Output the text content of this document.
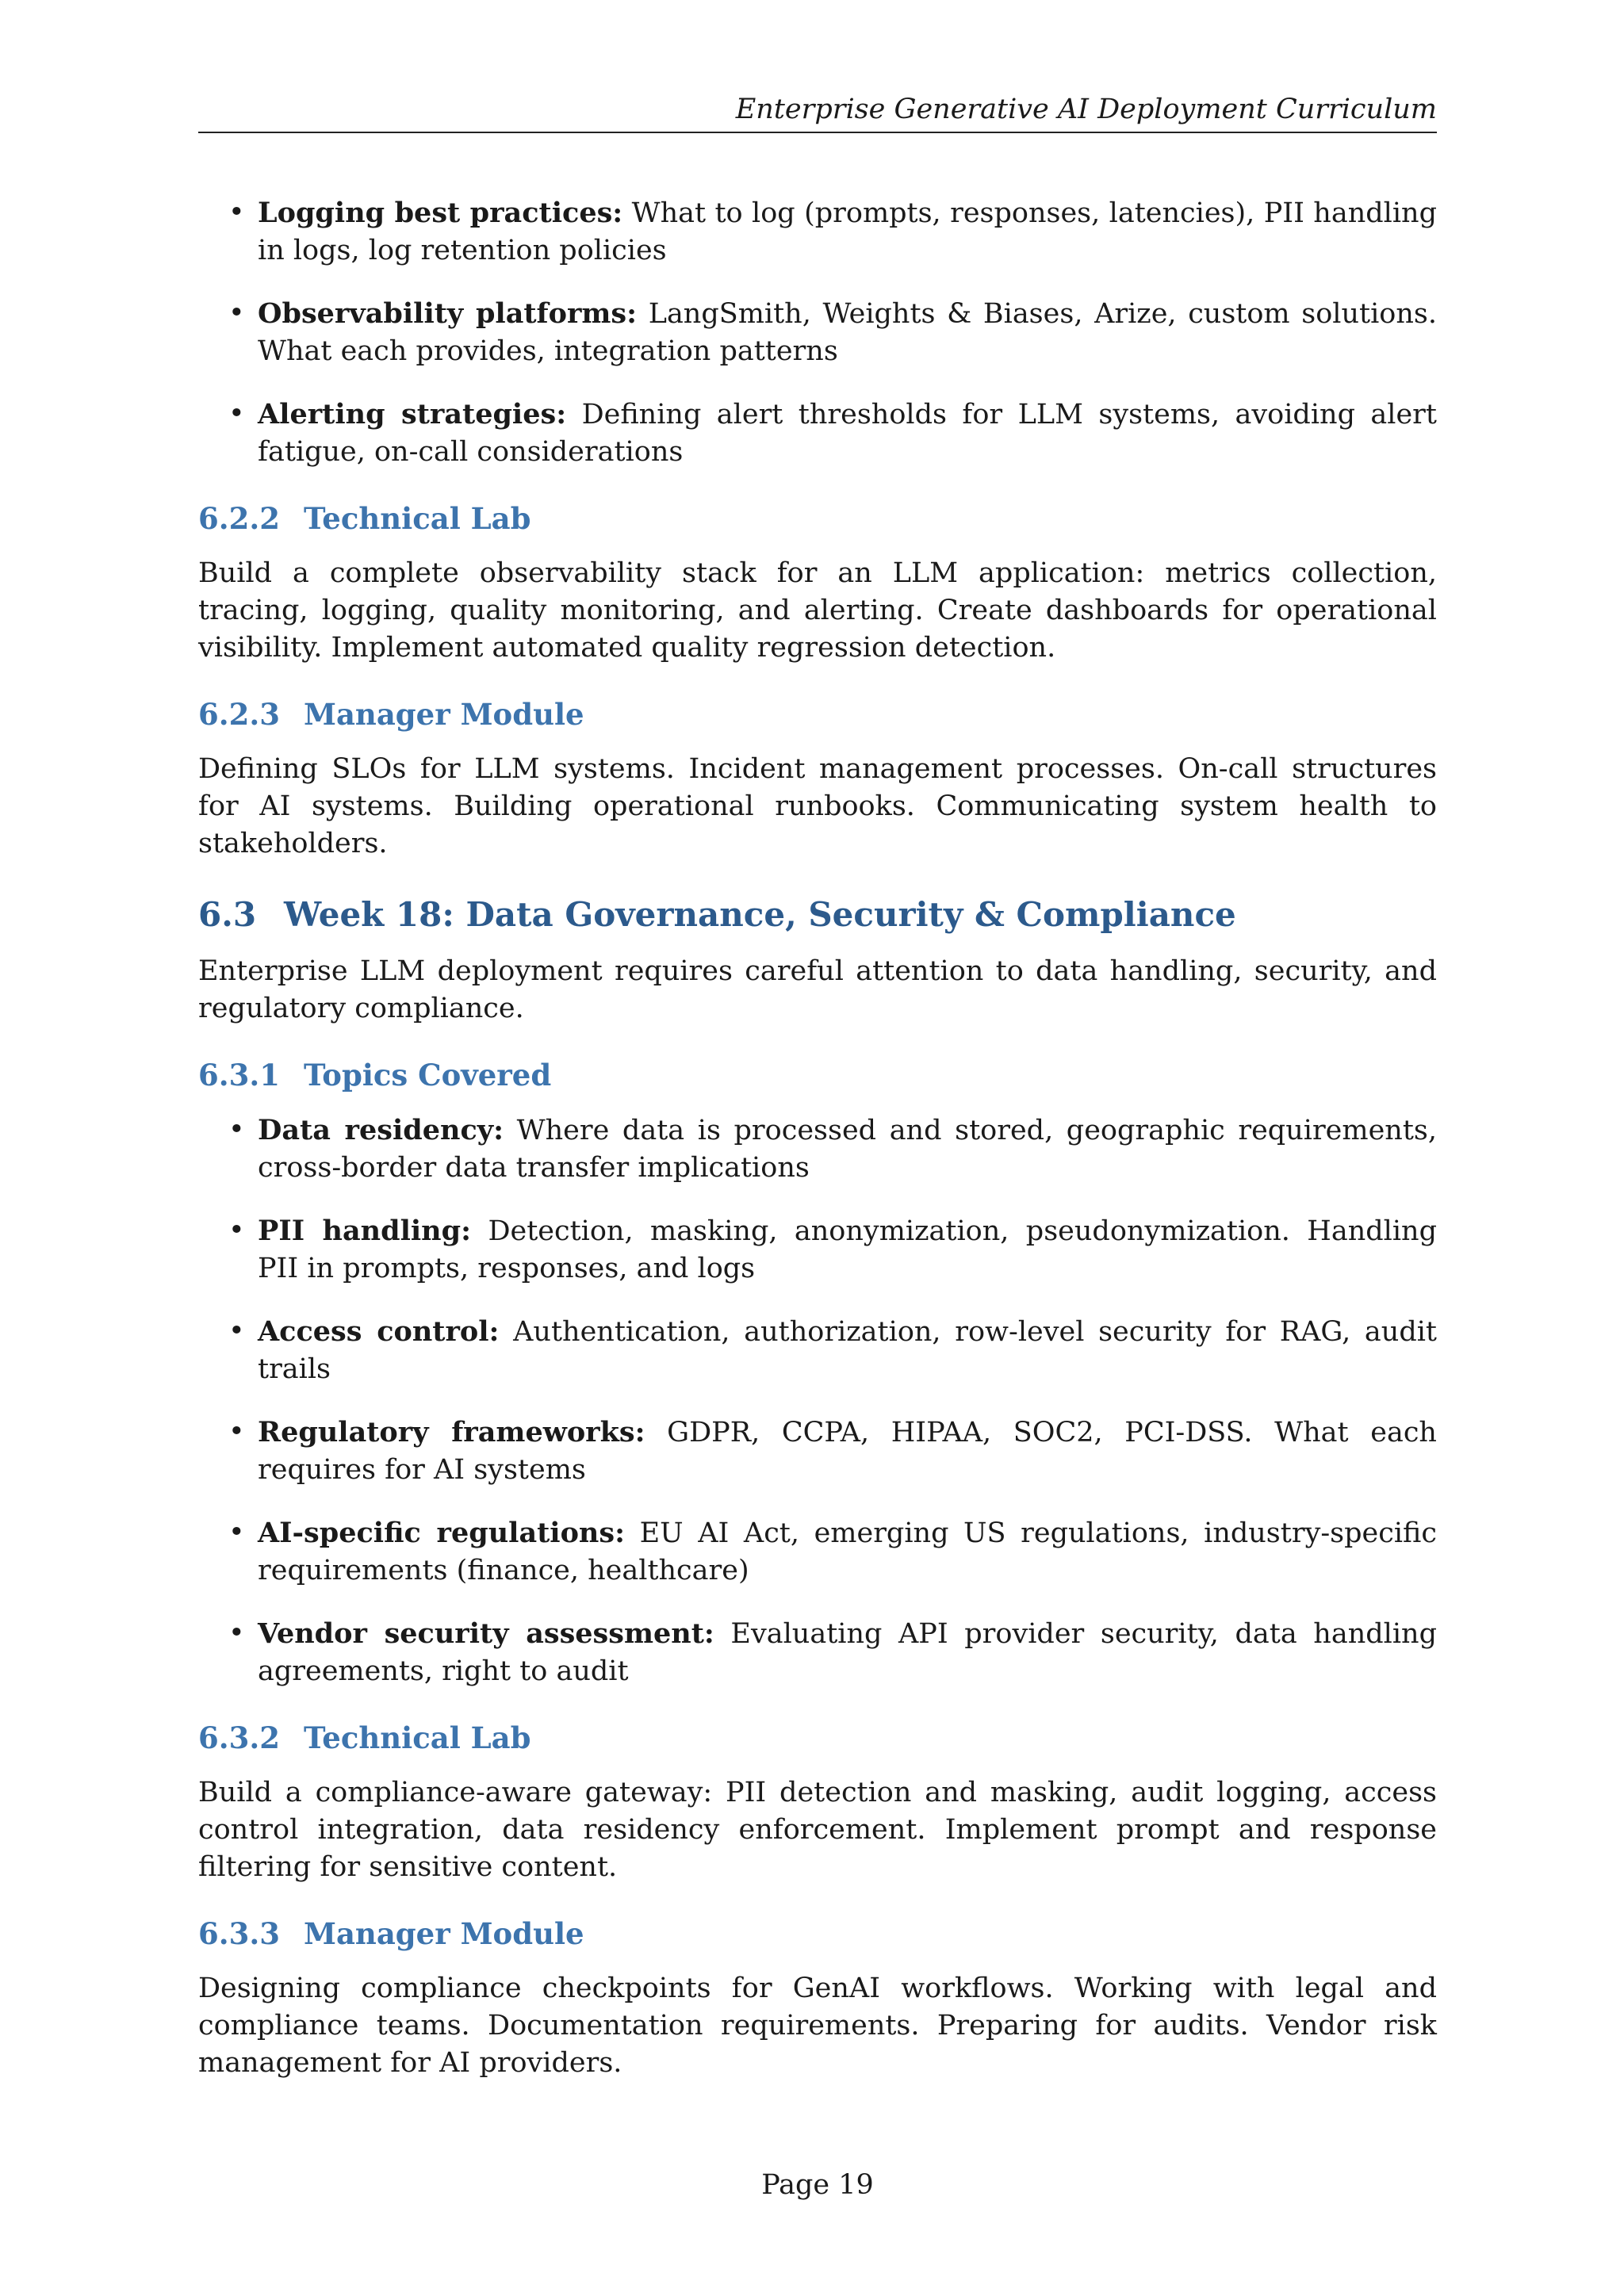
Enterprise Generative AI Deployment Curriculum
• Logging best practices: What to log (prompts, responses, latencies), PII handling in logs, log retention policies
• Observability platforms: LangSmith, Weights & Biases, Arize, custom solutions. What each provides, integration patterns
• Alerting strategies: Defining alert thresholds for LLM systems, avoiding alert fatigue, on-call considerations
6.2.2 Technical Lab

Build a complete observability stack for an LLM application: metrics collection, tracing, logging, quality monitoring, and alerting. Create dashboards for operational visibility. Implement automated quality regression detection.

6.2.3 Manager Module

Defining SLOs for LLM systems. Incident management processes. On-call structures for AI systems. Building operational runbooks. Communicating system health to stakeholders.

6.3 Week 18: Data Governance, Security & Compliance

Enterprise LLM deployment requires careful attention to data handling, security, and regulatory compliance.

6.3.1 Topics Covered
• Data residency: Where data is processed and stored, geographic requirements, cross-border data transfer implications
• PII handling: Detection, masking, anonymization, pseudonymization. Handling PII in prompts, responses, and logs
• Access control: Authentication, authorization, row-level security for RAG, audit trails
• Regulatory frameworks: GDPR, CCPA, HIPAA, SOC2, PCI-DSS. What each requires for AI systems
• AI-specific regulations: EU AI Act, emerging US regulations, industry-specific requirements (finance, healthcare)
• Vendor security assessment: Evaluating API provider security, data handling agreements, right to audit
6.3.2 Technical Lab

Build a compliance-aware gateway: PII detection and masking, audit logging, access control integration, data residency enforcement. Implement prompt and response filtering for sensitive content.

6.3.3 Manager Module

Designing compliance checkpoints for GenAI workflows. Working with legal and compliance teams. Documentation requirements. Preparing for audits. Vendor risk management for AI providers.

Page 19
